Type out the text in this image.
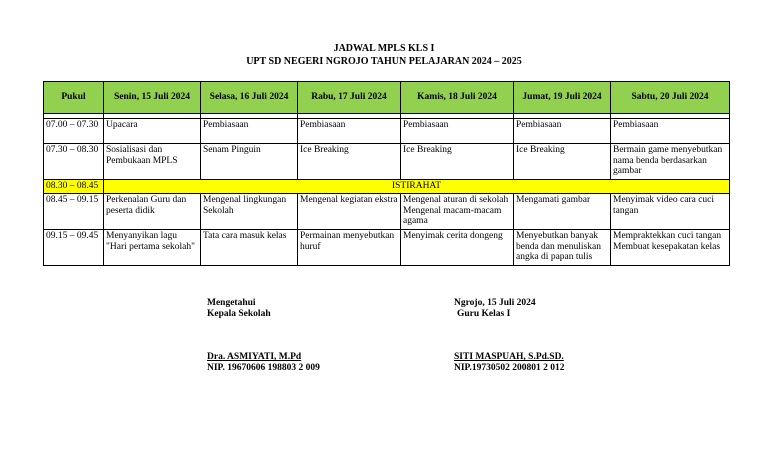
JADWAL MPLS KLS I
UPT SD NEGERI NGROJO TAHUN PELAJARAN 2024 – 2025
Pukul	Senin, 15 Juli 2024	Selasa, 16 Juli 2024	Rabu, 17 Juli 2024	Kamis, 18 Juli 2024	Jumat, 19 Juli 2024	Sabtu, 20 Juli 2024

07.00 – 07.30	Upacara	Pembiasaan	Pembiasaan	Pembiasaan	Pembiasaan	Pembiasaan
07.30 – 08.30	Sosialisasi dan Pembukaan MPLS	Senam Pinguin	Ice Breaking	Ice Breaking	Ice Breaking	Bermain game menyebutkan nama benda berdasarkan gambar
08.30 – 08.45	ISTIRAHAT					
08.45 – 09.15	Perkenalan Guru dan peserta didik	Mengenal lingkungan Sekolah	Mengenal kegiatan ekstra	Mengenal aturan di sekolah Mengenal macam-macam agama	Mengamati gambar	Menyimak video cara cuci tangan
09.15 – 09.45	Menyanyikan lagu "Hari pertama sekolah"	Tata cara masuk kelas	Permainan menyebutkan huruf	Menyimak cerita dongeng	Menyebutkan banyak benda dan menuliskan angka di papan tulis	Mempraktekkan cuci tangan Membuat kesepakatan kelas
Mengetahui
Kepala Sekolah
Dra. ASMIYATI, M.Pd
NIP. 19670606 198803 2 009
Ngrojo, 15 Juli 2024
Guru Kelas I
SITI MASPUAH, S.Pd.SD.
NIP.19730502 200801 2 012
